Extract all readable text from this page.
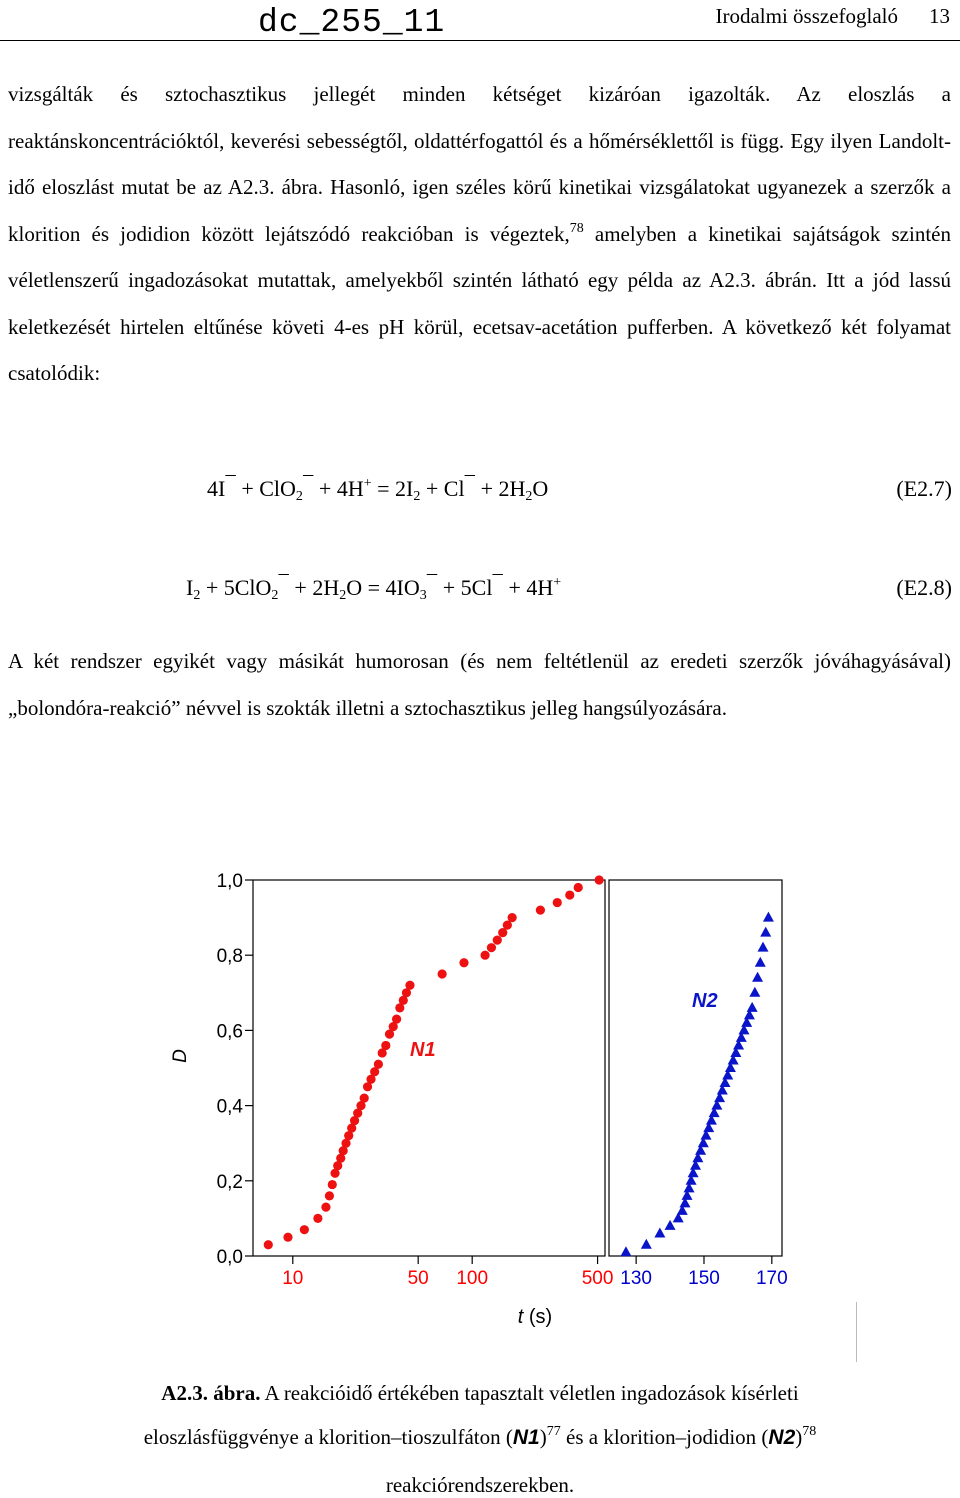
dc_255_11	Irodalmi összefoglaló 13
vizsgálták és sztochasztikus jellegét minden kétséget kizáróan igazolták. Az eloszlás a reaktánskoncentrációktól, keverési sebességtől, oldattérfogattól és a hőmérséklettől is függ. Egy ilyen Landolt-idő eloszlást mutat be az A2.3. ábra. Hasonló, igen széles körű kinetikai vizsgálatokat ugyanezek a szerzők a klorition és jodidion között lejátszódó reakcióban is végeztek,$^{78}$ amelyben a kinetikai sajátságok szintén véletlenszerű ingadozásokat mutattak, amelyekből szintén látható egy példa az A2.3. ábrán. Itt a jód lassú keletkezését hirtelen eltűnése követi 4-es pH körül, ecetsav-acetátion pufferben. A következő két folyamat csatolódik:
4I    + ClO$_2$    + $4H^+ = 2I_2 + Cl$    + $2H_2O$	(E2.7)
$I_2 + 5ClO_2$    + $2H_2O = 4IO_3$    + 5Cl    + 4H+	(E2.8)
A két rendszer egyikét vagy másikát humorosan (és nem feltétlenül az eredeti szerzők jóváhagyásával) „bolondóra-reakció” névvel is szokták illetni a sztochasztikus jelleg hangsúlyozására.
0,0
0,2
0,4
0,6
0,8
1,0
10	50 100	500 130 150 170
D	N1
N2
t (s)
A2.3. ábra. A reakcióidő értékében tapasztalt véletlen ingadozások kísérleti
eloszlásfüggvénye a klorition–tioszulfáton $(N1)^{77}$ és a klorition–jodidion $(N2)^{78}$
reakciórendszerekben.
